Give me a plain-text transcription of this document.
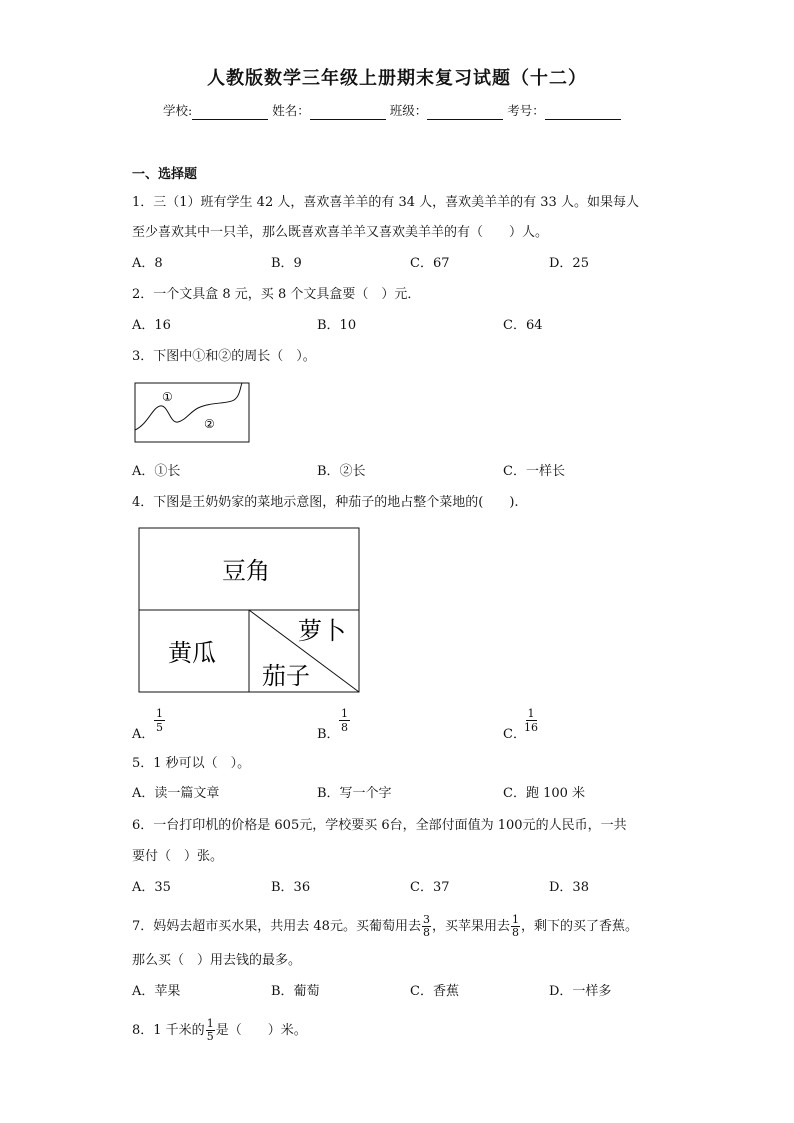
人教版数学三年级上册期末复习试题（十二）
学校:	姓名：	班级：	考号：
一、选择题
1．三（1）班有学生 42 人，喜欢喜羊羊的有 34 人，喜欢美羊羊的有 33 人。如果每人
至少喜欢其中一只羊，那么既喜欢喜羊羊又喜欢美羊羊的有（　　）人。
A．8	B．9	C．67	D．25
2．一个文具盒 8 元，买 8 个文具盒要（　）元．
A．16	B．10	C．64
3．下图中①和②的周长（　）。
①
②
A．①长	B．②长	C．一样长
4．下图是王奶奶家的菜地示意图，种茄子的地占整个菜地的(　　).
豆角
黄瓜
萝卜
茄子
A．
$\frac{1}{5}$
B．
$\frac{1}{8}$
C．
$\frac{1}{16}$
5．1 秒可以（　）。
A．读一篇文章	B．写一个字	C．跑 100 米
6．一台打印机的价格是 605元，学校要买 6台，全部付面值为 100元的人民币，一共
要付（　）张。
A．35	B．36	C．37	D．38
7．妈妈去超市买水果，共用去 48元。买葡萄用去 $\frac{3}{8}$ ，买苹果用去 $\frac{1}{8}$ ，剩下的买了香蕉。
那么买（　）用去钱的最多。
A．苹果	B．葡萄	C．香蕉	D．一样多
8．1 千米的 $\frac{1}{5}$ 是（　　）米。
